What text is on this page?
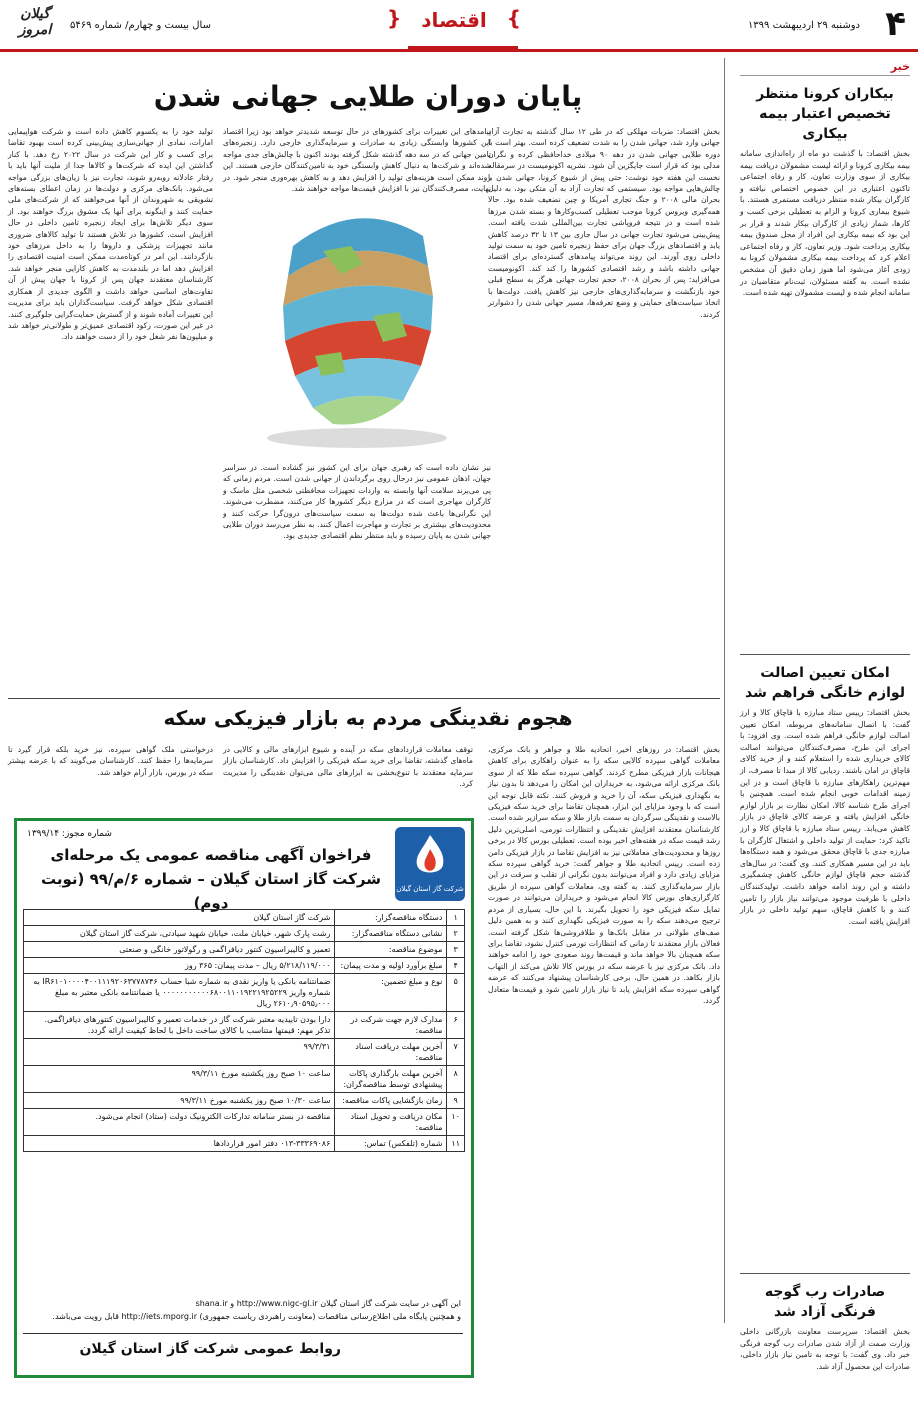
۴
دوشنبه ۲۹ اردیبهشت ۱۳۹۹
{ اقتصاد }
سال بیست و چهارم/ شماره ۵۴۶۹
گیلان امروز
خبر
بیکاران کرونا منتظر تخصیص اعتبار بیمه بیکاری
بخش اقتصاد: با گذشت دو ماه از راه‌اندازی سامانه بیمه بیکاری کرونا و ارائه لیست مشمولان دریافت بیمه بیکاری از سوی وزارت تعاون، کار و رفاه اجتماعی تاکنون اعتباری در این خصوص اختصاص نیافته و کارگران بیکار شده منتظر دریافت مستمری هستند. با شیوع بیماری کرونا و الزام به تعطیلی برخی کسب و کارها، شمار زیادی از کارگران بیکار شدند و قرار بر این بود که بیمه بیکاری این افراد از محل صندوق بیمه بیکاری پرداخت شود. وزیر تعاون، کار و رفاه اجتماعی اعلام کرد که پرداخت بیمه بیکاری مشمولان کرونا به زودی آغاز می‌شود اما هنوز زمان دقیق آن مشخص نشده است. به گفته مسئولان، ثبت‌نام متقاضیان در سامانه انجام شده و لیست مشمولان تهیه شده است.
امکان تعیین اصالت لوازم خانگی فراهم شد
بخش اقتصاد: رییس ستاد مبارزه با قاچاق کالا و ارز گفت: با اتصال سامانه‌های مربوطه، امکان تعیین اصالت لوازم خانگی فراهم شده است. وی افزود: با اجرای این طرح، مصرف‌کنندگان می‌توانند اصالت کالای خریداری شده را استعلام کنند و از خرید کالای قاچاق در امان باشند. ردیابی کالا از مبدا تا مصرف، از مهم‌ترین راهکارهای مبارزه با قاچاق است و در این زمینه اقدامات خوبی انجام شده است. همچنین با اجرای طرح شناسه کالا، امکان نظارت بر بازار لوازم خانگی افزایش یافته و عرضه کالای قاچاق در بازار کاهش می‌یابد. رییس ستاد مبارزه با قاچاق کالا و ارز تاکید کرد: حمایت از تولید داخلی و اشتغال کارگران با مبارزه جدی با قاچاق محقق می‌شود و همه دستگاه‌ها باید در این مسیر همکاری کنند. وی گفت: در سال‌های گذشته حجم قاچاق لوازم خانگی کاهش چشمگیری داشته و این روند ادامه خواهد داشت. تولیدکنندگان داخلی با ظرفیت موجود می‌توانند نیاز بازار را تامین کنند و با کاهش قاچاق، سهم تولید داخلی در بازار افزایش یافته است.
صادرات رب گوجه فرنگی آزاد شد
بخش اقتصاد: سرپرست معاونت بازرگانی داخلی وزارت صمت از آزاد شدن صادرات رب گوجه فرنگی خبر داد. وی گفت: با توجه به تامین نیاز بازار داخلی، صادرات این محصول آزاد شد.
پایان دوران طلایی جهانی شدن
بخش اقتصاد: ضربات مهلکی که در طی ۱۲ سال گذشته به تجارت آزاد جهانی وارد شد، جهانی شدن را به شدت تضعیف کرده است. بهتر است با دوره طلایی جهانی شدن در دهه ۹۰ میلادی خداحافظی کرده و نگران مدلی بود که قرار است جایگزین آن شود. نشریه اکونومیست در سرمقاله نخست این هفته خود نوشت: حتی پیش از شیوع کرونا، جهانی شدن با چالش‌هایی مواجه بود. سیستمی که تجارت آزاد به آن متکی بود، به دلیل بحران مالی ۲۰۰۸ و جنگ تجاری آمریکا و چین تضعیف شده بود. حالا همه‌گیری ویروس کرونا موجب تعطیلی کسب‌وکارها و بسته شدن مرزها شده است و در نتیجه فروپاشی تجارت بین‌المللی شدت یافته است. پیش‌بینی می‌شود تجارت جهانی در سال جاری بین ۱۳ تا ۳۲ درصد کاهش یابد و اقتصادهای بزرگ جهان برای حفظ زنجیره تامین خود به سمت تولید داخلی روی آورند. این روند می‌تواند پیامدهای گسترده‌ای برای اقتصاد جهانی داشته باشد و رشد اقتصادی کشورها را کند کند. اکونومیست می‌افزاید: پس از بحران ۲۰۰۸، حجم تجارت جهانی هرگز به سطح قبلی خود بازنگشت و سرمایه‌گذاری‌های خارجی نیز کاهش یافت. دولت‌ها با اتخاذ سیاست‌های حمایتی و وضع تعرفه‌ها، مسیر جهانی شدن را دشوارتر کردند.
تولید خود را به یکسوم کاهش داده است و شرکت هواپیمایی امارات، نمادی از جهانی‌سازی پیش‌بینی کرده است بهبود تقاضا برای کسب و کار این شرکت در سال ۲۰۲۲ رخ دهد. با کنار گذاشتن این ایده که شرکت‌ها و کالاها جدا از ملیت آنها باید با رفتار عادلانه روبه‌رو شوند، تجارت نیز با زیان‌های بزرگی مواجه می‌شود. بانک‌های مرکزی و دولت‌ها در زمان اعطای بسته‌های تشویقی به شهروندان از آنها می‌خواهند که از شرکت‌های ملی حمایت کنند و اینگونه برای آنها یک مشوق بزرگ خواهند بود. از سوی دیگر تلاش‌ها برای ایجاد زنجیره تامین داخلی در حال افزایش است. کشورها در تلاش هستند تا تولید کالاهای ضروری مانند تجهیزات پزشکی و داروها را به داخل مرزهای خود بازگردانند. این امر در کوتاه‌مدت ممکن است امنیت اقتصادی را افزایش دهد اما در بلندمدت به کاهش کارایی منجر خواهد شد. کارشناسان معتقدند جهان پس از کرونا با جهان پیش از آن تفاوت‌های اساسی خواهد داشت و الگوی جدیدی از همکاری اقتصادی شکل خواهد گرفت. سیاست‌گذاران باید برای مدیریت این تغییرات آماده شوند و از گسترش حمایت‌گرایی جلوگیری کنند. در غیر این صورت، رکود اقتصادی عمیق‌تر و طولانی‌تر خواهد شد و میلیون‌ها نفر شغل خود را از دست خواهند داد.
پیامدهای این تغییرات برای کشورهای در حال توسعه شدیدتر خواهد بود زیرا اقتصاد این کشورها وابستگی زیادی به صادرات و سرمایه‌گذاری خارجی دارد. زنجیره‌های تامین جهانی که در سه دهه گذشته شکل گرفته بودند اکنون با چالش‌های جدی مواجه شده‌اند و شرکت‌ها به دنبال کاهش وابستگی خود به تامین‌کنندگان خارجی هستند. این روند ممکن است هزینه‌های تولید را افزایش دهد و به کاهش بهره‌وری منجر شود. در نهایت، مصرف‌کنندگان نیز با افزایش قیمت‌ها مواجه خواهند شد.
نیز نشان داده است که رهبری جهان برای این کشور نیز گشاده است. در سراسر جهان، اذهان عمومی نیز درحال روی برگرداندن از جهانی شدن است. مردم زمانی که پی می‌برند سلامت آنها وابسته به واردات تجهیزات محافظتی شخصی مثل ماسک و کارگران مهاجری است که در مزارع دیگر کشورها کار می‌کنند، مضطرب می‌شوند. این نگرانی‌ها باعث شده دولت‌ها به سمت سیاست‌های درون‌گرا حرکت کنند و محدودیت‌های بیشتری بر تجارت و مهاجرت اعمال کنند. به نظر می‌رسد دوران طلایی جهانی شدن به پایان رسیده و باید منتظر نظم اقتصادی جدیدی بود.
هجوم نقدینگی مردم به بازار فیزیکی سکه
بخش اقتصاد: در روزهای اخیر، اتحادیه طلا و جواهر و بانک مرکزی، معاملات گواهی سپرده کالایی سکه را به عنوان راهکاری برای کاهش هیجانات بازار فیزیکی مطرح کردند. گواهی سپرده سکه طلا که از سوی بانک مرکزی ارائه می‌شود، به خریداران این امکان را می‌دهد تا بدون نیاز به نگهداری فیزیکی سکه، آن را خرید و فروش کنند. نکته قابل توجه این است که با وجود مزایای این ابزار، همچنان تقاضا برای خرید سکه فیزیکی بالاست و نقدینگی سرگردان به سمت بازار طلا و سکه سرازیر شده است. کارشناسان معتقدند افزایش نقدینگی و انتظارات تورمی، اصلی‌ترین دلیل رشد قیمت سکه در هفته‌های اخیر بوده است. تعطیلی بورس کالا در برخی روزها و محدودیت‌های معاملاتی نیز به افزایش تقاضا در بازار فیزیکی دامن زده است. رییس اتحادیه طلا و جواهر گفت: خرید گواهی سپرده سکه مزایای زیادی دارد و افراد می‌توانند بدون نگرانی از تقلب و سرقت در این بازار سرمایه‌گذاری کنند. به گفته وی، معاملات گواهی سپرده از طریق کارگزاری‌های بورس کالا انجام می‌شود و خریداران می‌توانند در صورت تمایل سکه فیزیکی خود را تحویل بگیرند. با این حال، بسیاری از مردم ترجیح می‌دهند سکه را به صورت فیزیکی نگهداری کنند و به همین دلیل صف‌های طولانی در مقابل بانک‌ها و طلافروشی‌ها شکل گرفته است. فعالان بازار معتقدند تا زمانی که انتظارات تورمی کنترل نشود، تقاضا برای سکه همچنان بالا خواهد ماند و قیمت‌ها روند صعودی خود را ادامه خواهند داد. بانک مرکزی نیز با عرضه سکه در بورس کالا تلاش می‌کند از التهاب بازار بکاهد. در همین حال، برخی کارشناسان پیشنهاد می‌کنند که عرضه گواهی سپرده سکه افزایش یابد تا نیاز بازار تامین شود و قیمت‌ها متعادل گردد.
توقف معاملات قراردادهای سکه در آینده و شیوع ابزارهای مالی و کالایی در ماه‌های گذشته، تقاضا برای خرید سکه فیزیکی را افزایش داد. کارشناسان بازار سرمایه معتقدند با تنوع‌بخشی به ابزارهای مالی می‌توان نقدینگی را مدیریت کرد.
درخواستی ملک گواهی سپرده، نیز خرید بلکه قرار گیرد تا سرمایه‌ها را حفظ کنند. کارشناسان می‌گویند که با عرضه بیشتر سکه در بورس، بازار آرام خواهد شد.
شماره مجوز: ۱۳۹۹/۱۴
شرکت گاز استان گیلان
فراخوان آگهی مناقصه عمومی یک مرحله‌ای
شرکت گاز استان گیلان – شماره ۶/م/۹۹ (نوبت دوم)
۱	دستگاه مناقصه‌گزار:	شرکت گاز استان گیلان
۲	نشانی دستگاه مناقصه‌گزار:	رشت پارک شهر، خیابان ملت، خیابان شهید سیادتی، شرکت گاز استان گیلان
۳	موضوع مناقصه:	تعمیر و کالیبراسیون کنتور دیافراگمی و رگولاتور خانگی و صنعتی
۴	مبلغ برآورد اولیه و مدت پیمان:	۵/۲۱۸/۱۱۹/۰۰۰ ریال – مدت پیمان: ۳۶۵ روز
۵	نوع و مبلغ تضمین:	ضمانتنامه بانکی یا واریز نقدی به شماره شبا حساب IR۶۱۰۱۰۰۰۰۴۰۰۱۱۱۹۲۰۶۳۷۷۸۷۴۶ به شماره واریز ۰۰۰۰۰۰۰۰۰۰۰۶۸۰۰۱۱۰۱۹۲۲۱۹۲۵۲۲۹ یا ضمانتنامه بانکی معتبر به مبلغ ۲۶۱۰٫۹۰۵۹۵٫۰۰۰ ریال
۶	مدارک لازم جهت شرکت در مناقصه:	دارا بودن تاییدیه معتبر شرکت گاز در خدمات تعمیر و کالیبراسیون کنتورهای دیافراگمی. تذکر مهم: قیمتها متناسب با کالای ساخت داخل با لحاظ کیفیت ارائه گردد.
۷	آخرین مهلت دریافت اسناد مناقصه:	۹۹/۳/۳۱
۸	آخرین مهلت بارگذاری پاکات پیشنهادی توسط مناقصه‌گران:	ساعت ۱۰ صبح روز یکشنبه مورخ ۹۹/۳/۱۱
۹	زمان بازگشایی پاکات مناقصه:	ساعت ۱۰/۳۰ صبح روز یکشنبه مورخ ۹۹/۳/۱۱
۱۰	مکان دریافت و تحویل اسناد مناقصه:	مناقصه در بستر سامانه تدارکات الکترونیک دولت (ستاد) انجام می‌شود.
۱۱	شماره (تلفکس) تماس:	۰۱۳-۳۳۳۶۹۰۸۶ دفتر امور قراردادها
این آگهی در سایت شرکت گاز استان گیلان http://www.nigc-gl.ir و shana.ir
و همچنین پایگاه ملی اطلاع‌رسانی مناقصات (معاونت راهبردی ریاست جمهوری) http://iets.mporg.ir قابل رویت می‌باشد.
روابط عمومی شرکت گاز استان گیلان
